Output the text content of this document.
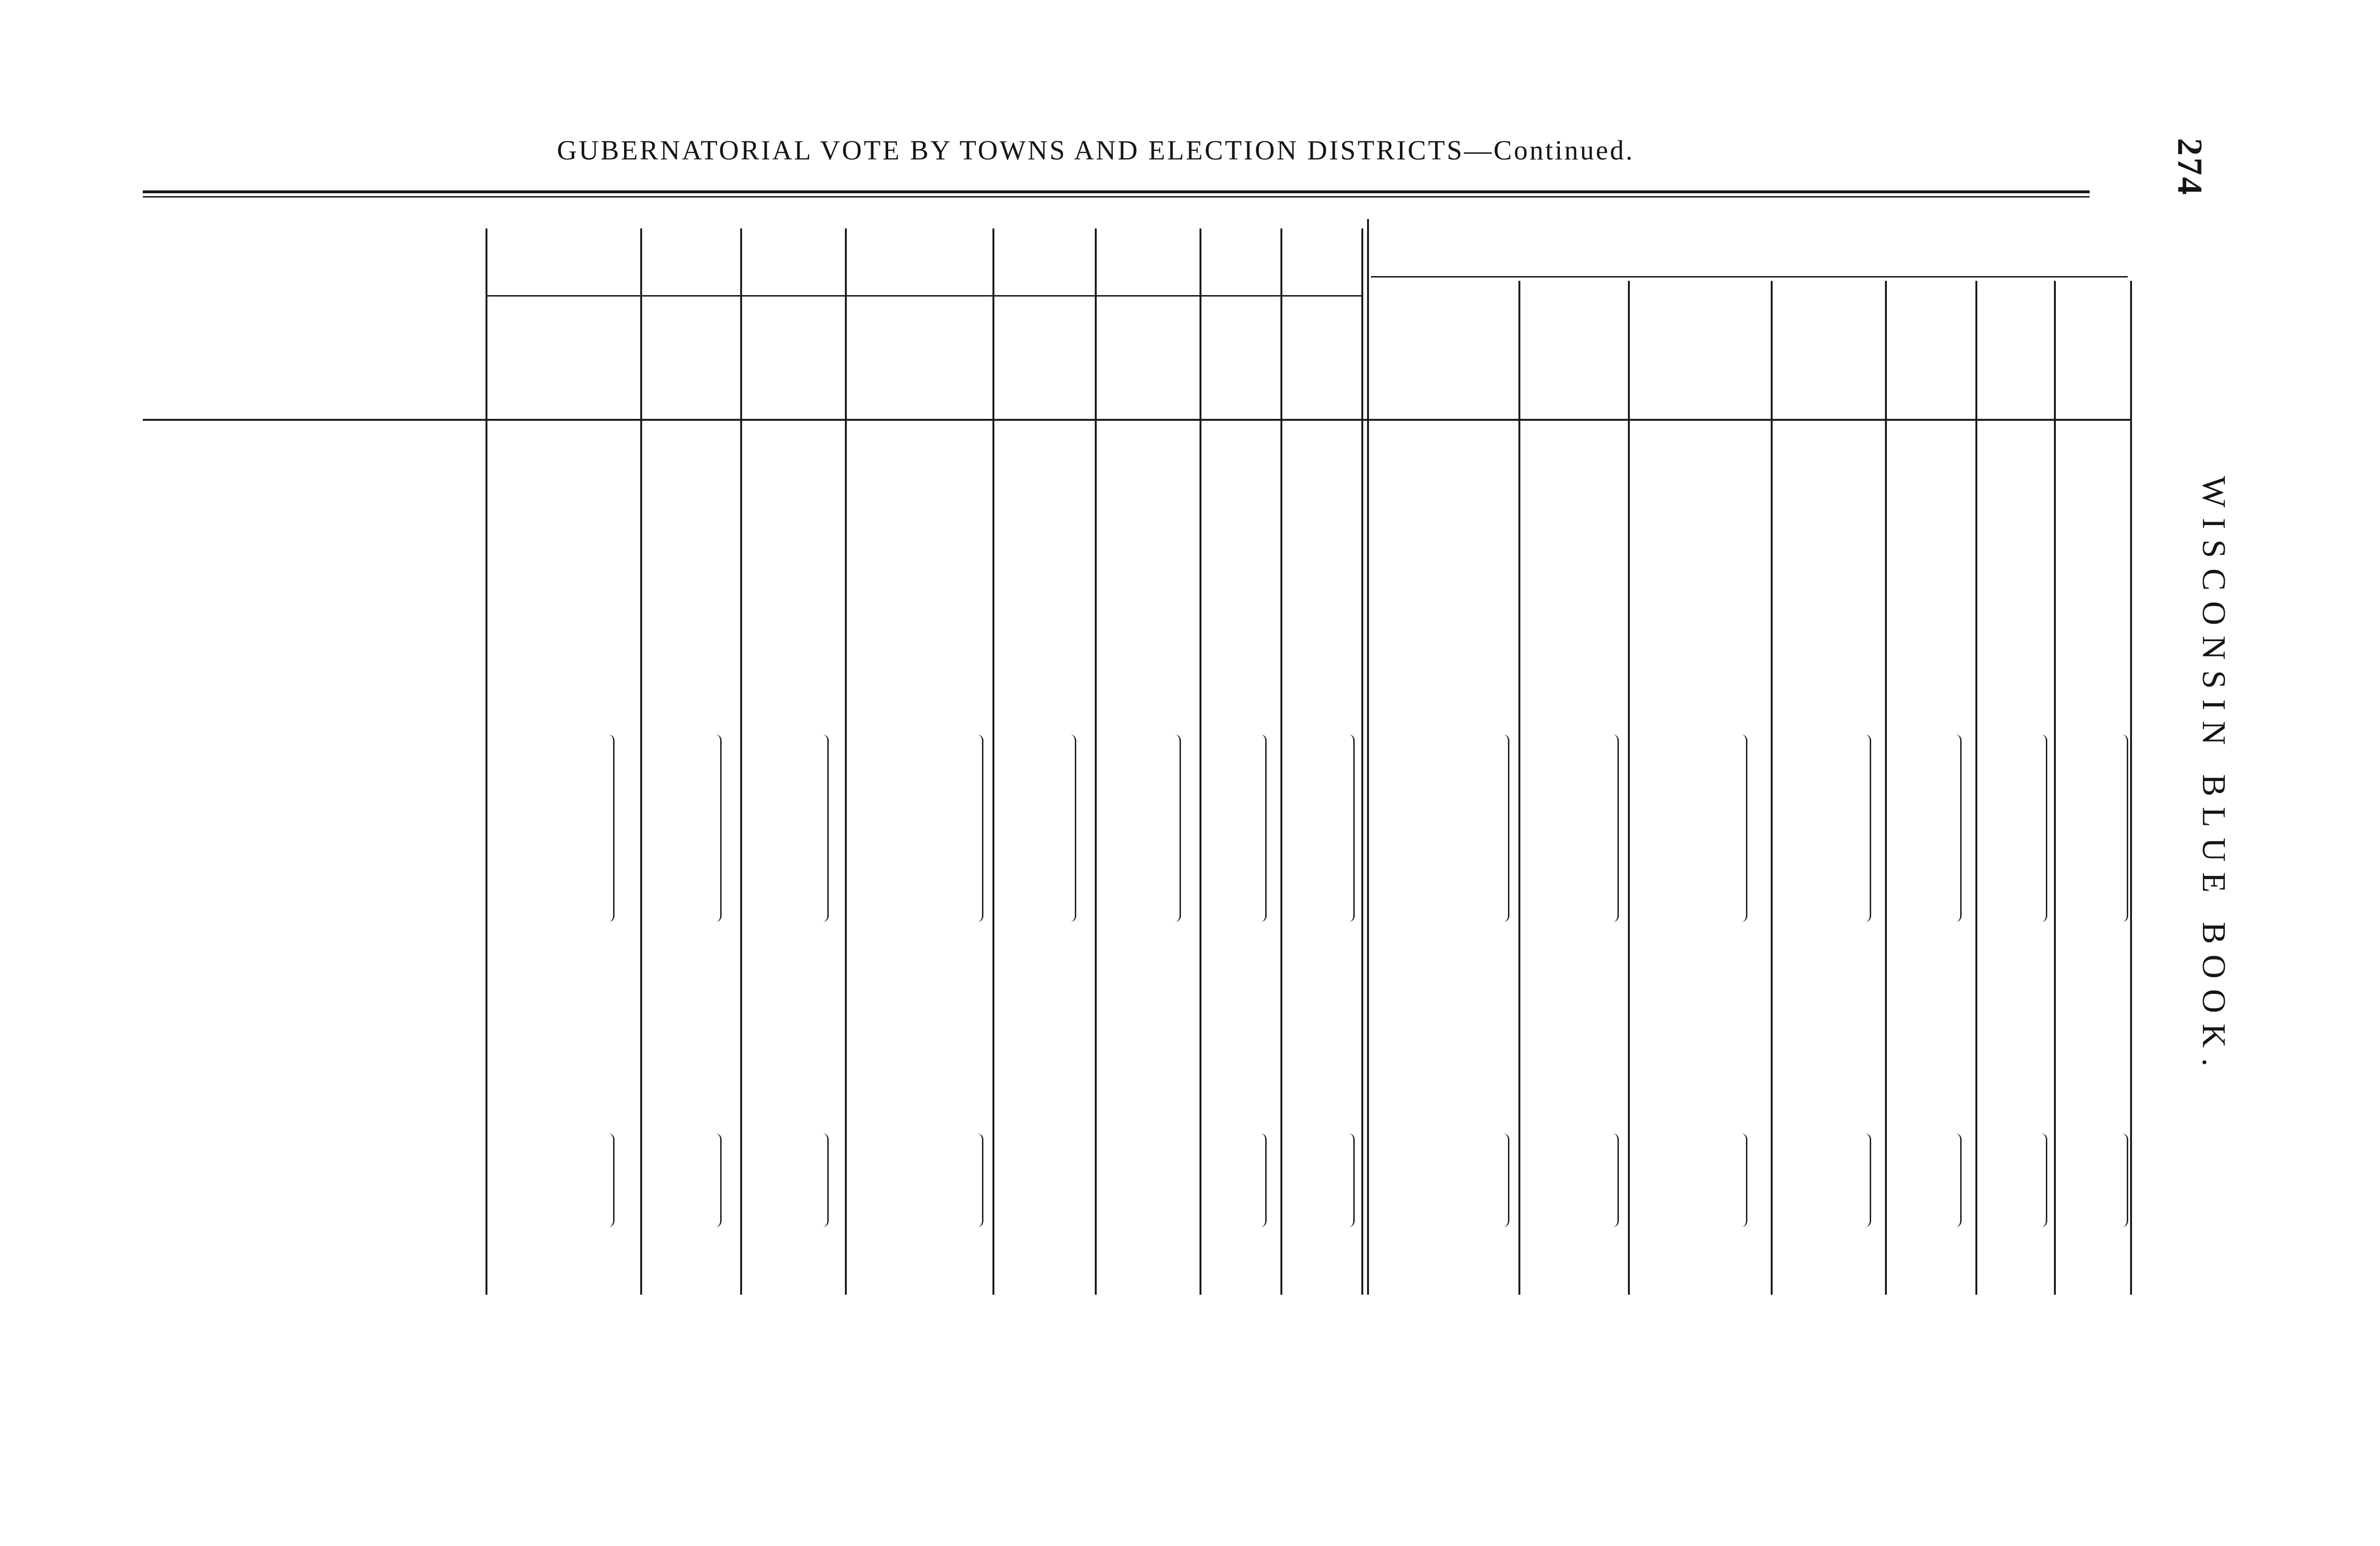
GUBERNATORIAL VOTE BY TOWNS AND ELECTION DISTRICTS—Continued.	274
WISCONSIN BLUE BOOK.
